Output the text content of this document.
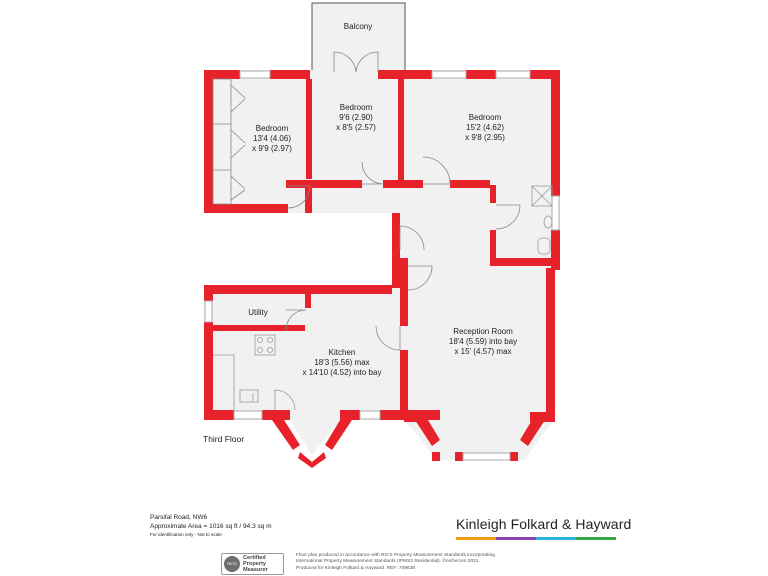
Balcony
Bedroom
13'4 (4.06)
x 9'9 (2.97)
Bedroom
9'6 (2.90)
x 8'5 (2.57)
Bedroom
15'2 (4.62)
x 9'8 (2.95)
Utility
Kitchen
18'3 (5.56) max
x 14'10 (4.52) into bay
Reception Room
18'4 (5.59) into bay
x 15' (4.57) max
Third Floor
Parsifal Road, NW6
Approximate Area = 1016 sq ft / 94.3 sq m
For identification only - Not to scale
Kinleigh Folkard & Hayward
RICS
Certified
Property
Measurer
Floor plan produced in accordance with RICS Property Measurement Standards incorporating
International Property Measurement Standards (IPMS2 Residential). ©nichecom 2021.
Produced for Kinleigh Folkard & Hayward. REF: 709638
